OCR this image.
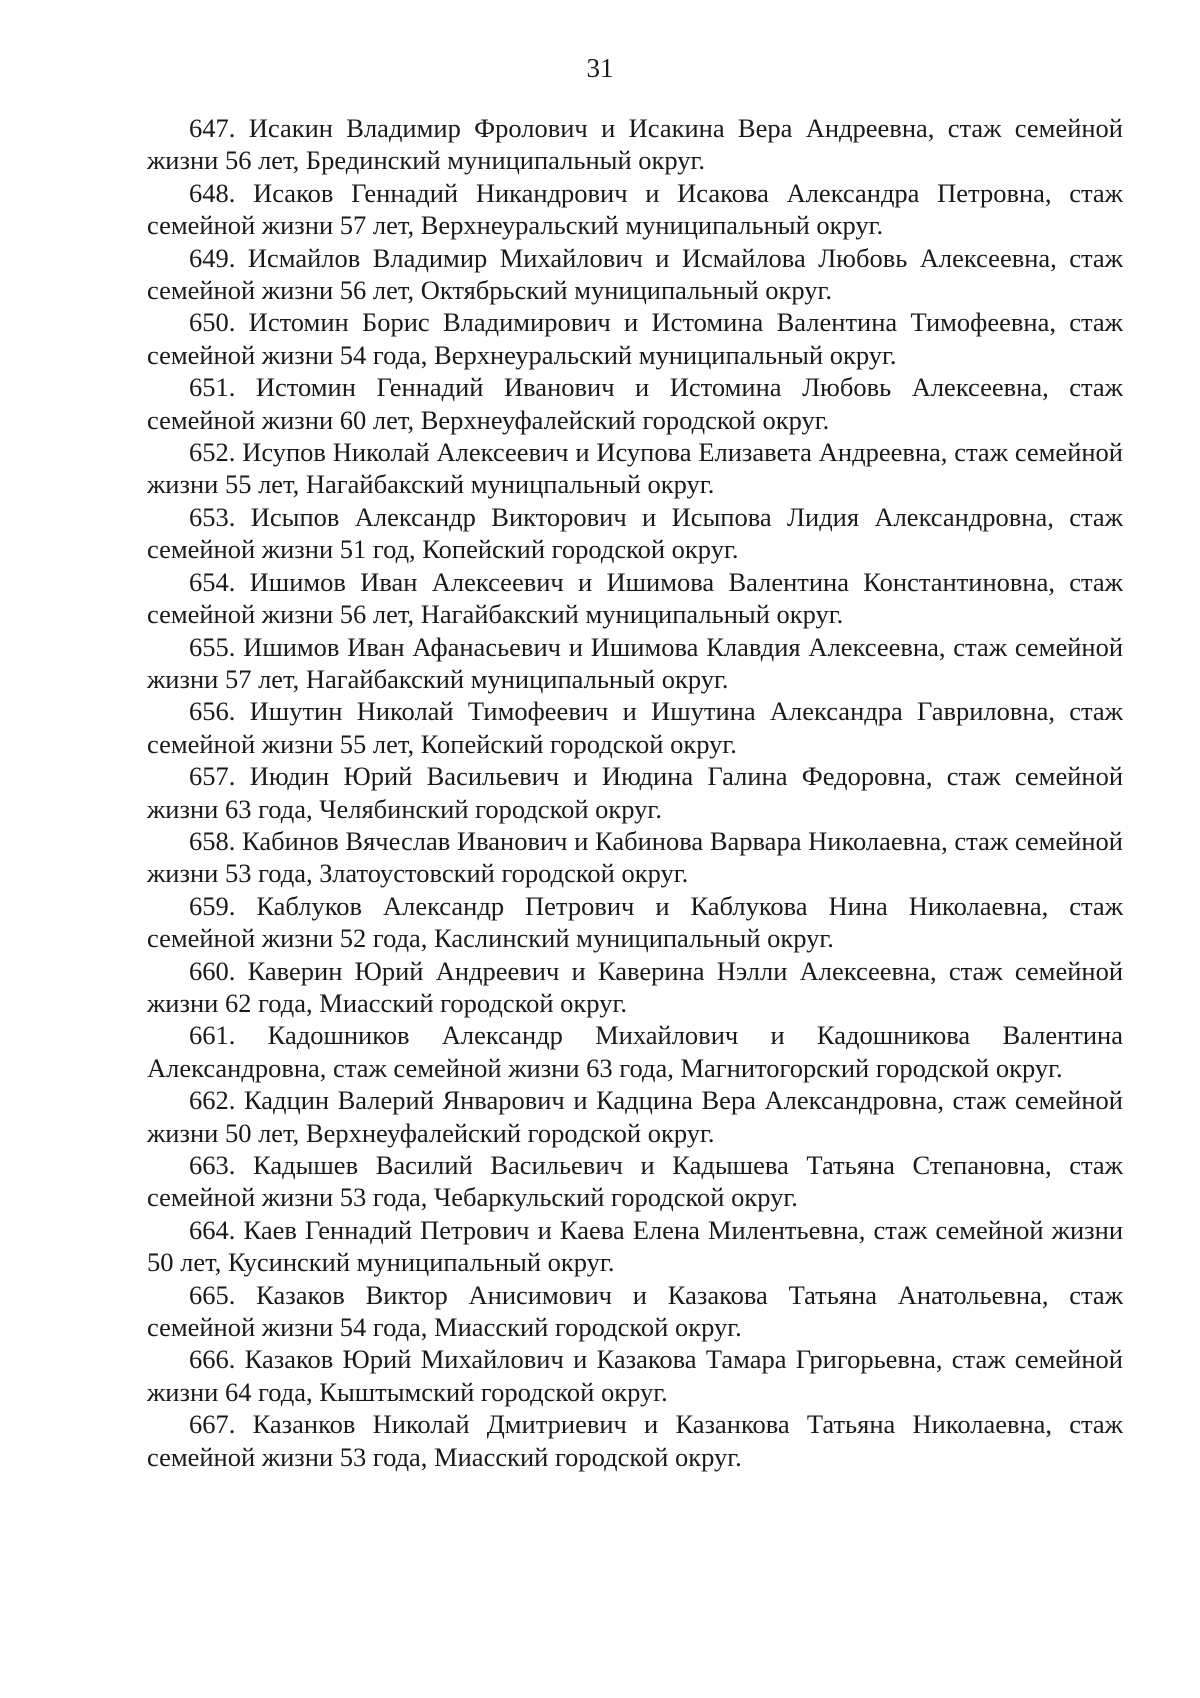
31

647. Исакин Владимир Фролович и Исакина Вера Андреевна, стаж семейной жизни 56 лет, Брединский муниципальный округ.

648. Исаков Геннадий Никандрович и Исакова Александра Петровна, стаж семейной жизни 57 лет, Верхнеуральский муниципальный округ.

649. Исмайлов Владимир Михайлович и Исмайлова Любовь Алексеевна, стаж семейной жизни 56 лет, Октябрьский муниципальный округ.

650. Истомин Борис Владимирович и Истомина Валентина Тимофеевна, стаж семейной жизни 54 года, Верхнеуральский муниципальный округ.

651. Истомин Геннадий Иванович и Истомина Любовь Алексеевна, стаж семейной жизни 60 лет, Верхнеуфалейский городской округ.

652. Исупов Николай Алексеевич и Исупова Елизавета Андреевна, стаж семейной жизни 55 лет, Нагайбакский муницпальный округ.

653. Исыпов Александр Викторович и Исыпова Лидия Александровна, стаж семейной жизни 51 год, Копейский городской округ.

654. Ишимов Иван Алексеевич и Ишимова Валентина Константиновна, стаж семейной жизни 56 лет, Нагайбакский муниципальный округ.

655. Ишимов Иван Афанасьевич и Ишимова Клавдия Алексеевна, стаж семейной жизни 57 лет, Нагайбакский муниципальный округ.

656. Ишутин Николай Тимофеевич и Ишутина Александра Гавриловна, стаж семейной жизни 55 лет, Копейский городской округ.

657. Июдин Юрий Васильевич и Июдина Галина Федоровна, стаж семейной жизни 63 года, Челябинский городской округ.

658. Кабинов Вячеслав Иванович и Кабинова Варвара Николаевна, стаж семейной жизни 53 года, Златоустовский городской округ.

659. Каблуков Александр Петрович и Каблукова Нина Николаевна, стаж семейной жизни 52 года, Каслинский муниципальный округ.

660. Каверин Юрий Андреевич и Каверина Нэлли Алексеевна, стаж семейной жизни 62 года, Миасский городской округ.

661. Кадошников Александр Михайлович и Кадошникова Валентина Александровна, стаж семейной жизни 63 года, Магнитогорский городской округ.

662. Кадцин Валерий Январович и Кадцина Вера Александровна, стаж семейной жизни 50 лет, Верхнеуфалейский городской округ.

663. Кадышев Василий Васильевич и Кадышева Татьяна Степановна, стаж семейной жизни 53 года, Чебаркульский городской округ.

664. Каев Геннадий Петрович и Каева Елена Милентьевна, стаж семейной жизни 50 лет, Кусинский муниципальный округ.

665. Казаков Виктор Анисимович и Казакова Татьяна Анатольевна, стаж семейной жизни 54 года, Миасский городской округ.

666. Казаков Юрий Михайлович и Казакова Тамара Григорьевна, стаж семейной жизни 64 года, Кыштымский городской округ.

667. Казанков Николай Дмитриевич и Казанкова Татьяна Николаевна, стаж семейной жизни 53 года, Миасский городской округ.
